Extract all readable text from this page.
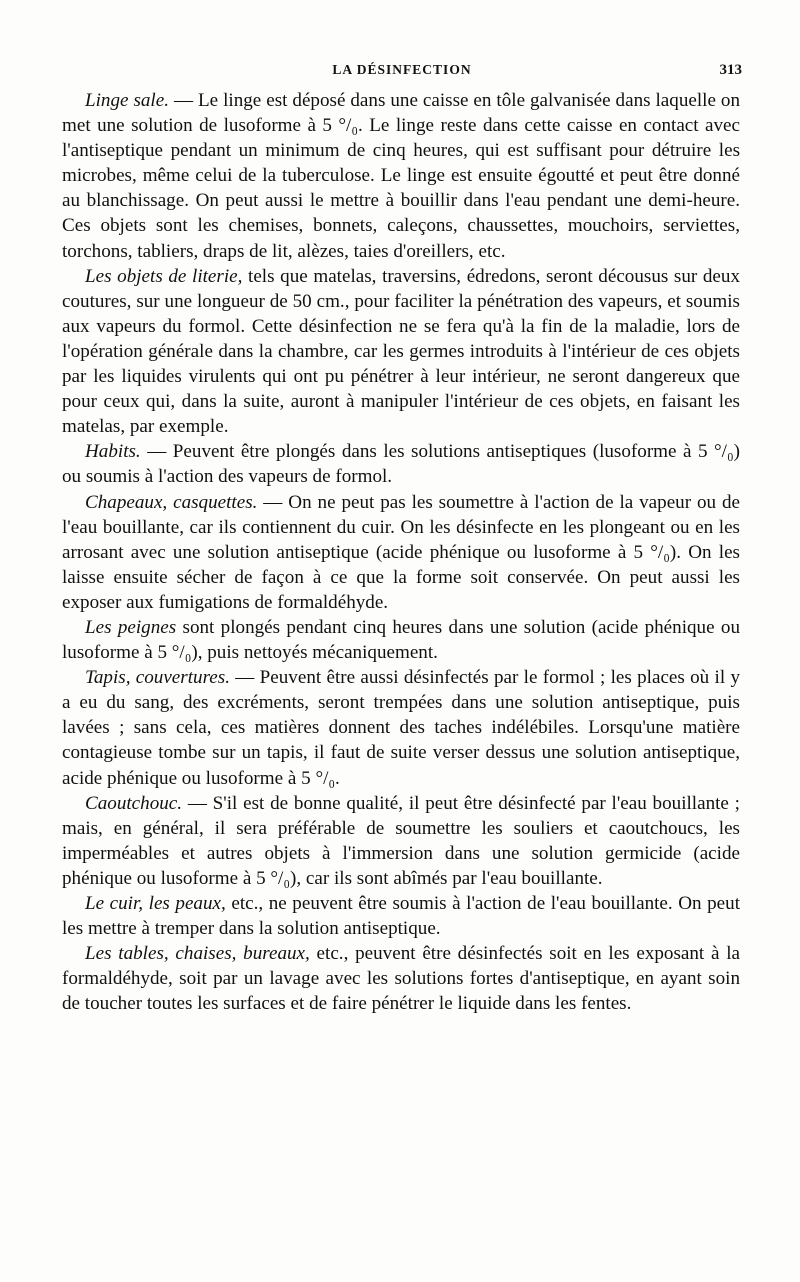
LA DÉSINFECTION	313

Linge sale. — Le linge est déposé dans une caisse en tôle galvanisée dans laquelle on met une solution de lusoforme à 5 °/₀. Le linge reste dans cette caisse en contact avec l'antiseptique pendant un minimum de cinq heures, qui est suffisant pour détruire les microbes, même celui de la tuberculose. Le linge est ensuite égoutté et peut être donné au blanchissage. On peut aussi le mettre à bouillir dans l'eau pendant une demi-heure. Ces objets sont les chemises, bonnets, caleçons, chaussettes, mouchoirs, serviettes, torchons, tabliers, draps de lit, alèzes, taies d'oreillers, etc.

Les objets de literie, tels que matelas, traversins, édredons, seront décousus sur deux coutures, sur une longueur de 50 cm., pour faciliter la pénétration des vapeurs, et soumis aux vapeurs du formol. Cette désinfection ne se fera qu'à la fin de la maladie, lors de l'opération générale dans la chambre, car les germes introduits à l'intérieur de ces objets par les liquides virulents qui ont pu pénétrer à leur intérieur, ne seront dangereux que pour ceux qui, dans la suite, auront à manipuler l'intérieur de ces objets, en faisant les matelas, par exemple.

Habits. — Peuvent être plongés dans les solutions antiseptiques (lusoforme à 5 °/₀) ou soumis à l'action des vapeurs de formol.

Chapeaux, casquettes. — On ne peut pas les soumettre à l'action de la vapeur ou de l'eau bouillante, car ils contiennent du cuir. On les désinfecte en les plongeant ou en les arrosant avec une solution antiseptique (acide phénique ou lusoforme à 5 °/₀). On les laisse ensuite sécher de façon à ce que la forme soit conservée. On peut aussi les exposer aux fumigations de formaldéhyde.

Les peignes sont plongés pendant cinq heures dans une solution (acide phénique ou lusoforme à 5 °/₀), puis nettoyés mécaniquement.

Tapis, couvertures. — Peuvent être aussi désinfectés par le formol ; les places où il y a eu du sang, des excréments, seront trempées dans une solution antiseptique, puis lavées ; sans cela, ces matières donnent des taches indélébiles. Lorsqu'une matière contagieuse tombe sur un tapis, il faut de suite verser dessus une solution antiseptique, acide phénique ou lusoforme à 5 °/₀.

Caoutchouc. — S'il est de bonne qualité, il peut être désinfecté par l'eau bouillante ; mais, en général, il sera préférable de soumettre les souliers et caoutchoucs, les imperméables et autres objets à l'immersion dans une solution germicide (acide phénique ou lusoforme à 5 °/₀), car ils sont abîmés par l'eau bouillante.

Le cuir, les peaux, etc., ne peuvent être soumis à l'action de l'eau bouillante. On peut les mettre à tremper dans la solution antiseptique.

Les tables, chaises, bureaux, etc., peuvent être désinfectés soit en les exposant à la formaldéhyde, soit par un lavage avec les solutions fortes d'antiseptique, en ayant soin de toucher toutes les surfaces et de faire pénétrer le liquide dans les fentes.
